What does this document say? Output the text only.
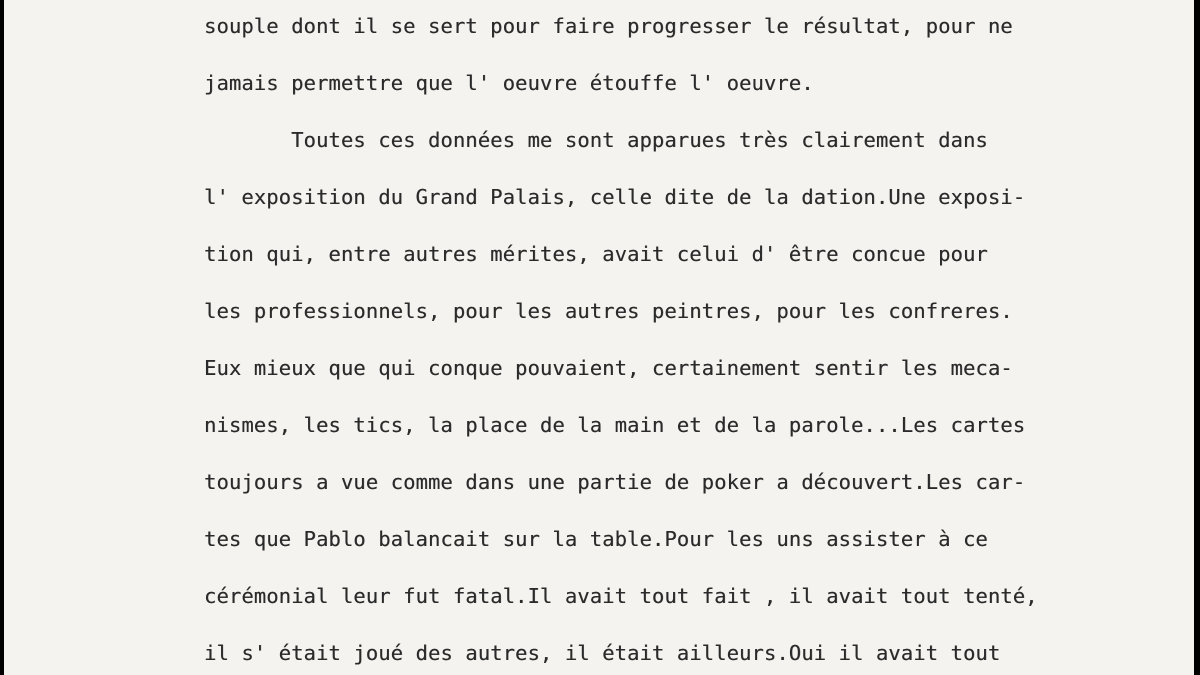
souple dont il se sert pour faire progresser le résultat, pour ne
jamais permettre que l' oeuvre étouffe l' oeuvre.
Toutes ces données me sont apparues très clairement dans
l' exposition du Grand Palais, celle dite de la dation.Une exposi-
tion qui, entre autres mérites, avait celui d' être concue pour
les professionnels, pour les autres peintres, pour les confreres.
Eux mieux que qui conque pouvaient, certainement sentir les meca-
nismes, les tics, la place de la main et de la parole...Les cartes
toujours a vue comme dans une partie de poker a découvert.Les car-
tes que Pablo balancait sur la table.Pour les uns assister à ce
cérémonial leur fut fatal.Il avait tout fait , il avait tout tenté,
il s' était joué des autres, il était ailleurs.Oui il avait tout
